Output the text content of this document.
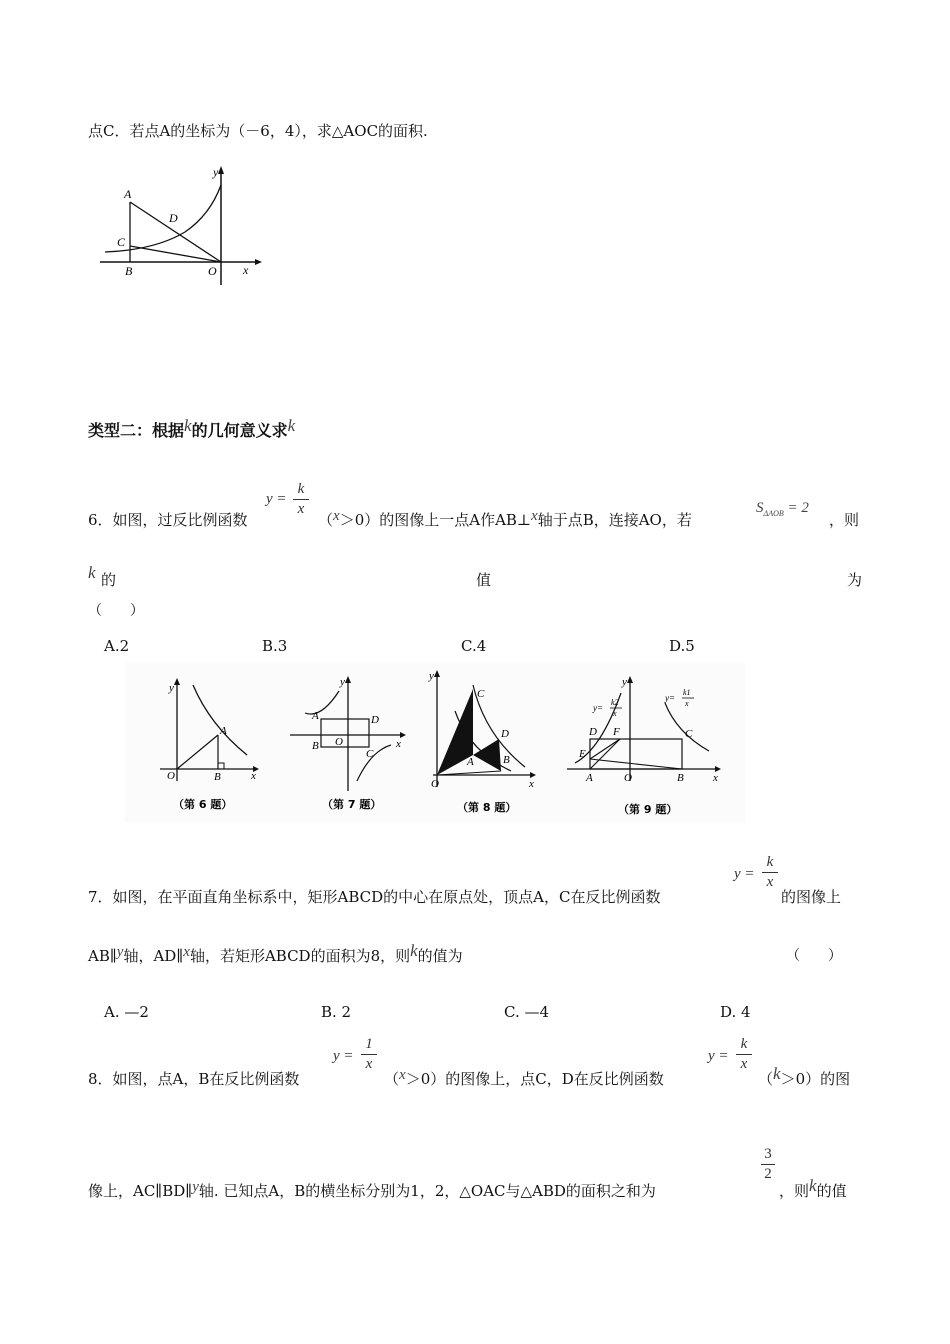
点C．若点A的坐标为（－6，4），求△AOC的面积.
y
A
D
C
B	O x
类型二：根据k的几何意义求k
6．如图，过反比例函数
y =
k
x
（x＞0）的图像上一点A作AB⊥x轴于点B，连接AO，若
$S_{\Delta AOB} = 2$
，则
k 的	值	为
（　　）
A.2	B.3	C.4	D.5
y
A
O	B	x
（第 6 题）
y
A	D
B O
C
x
（第 7 题）
y
C
D
A	B
O	x
（第 8 题）
y
D F	C
E
A	O	B	x
y=
k2
x
y=
k1
x
（第 9 题）
7．如图，在平面直角坐标系中，矩形ABCD的中心在原点处，顶点A，C在反比例函数
y =
k
x
的图像上
AB∥y轴，AD∥x轴，若矩形ABCD的面积为8，则k的值为	（　　）
A. —2	B. 2	C. —4	D. 4
8．如图，点A，B在反比例函数
y =
1
x
（x＞0）的图像上，点C，D在反比例函数
y =
k
x
（k＞0）的图
像上，AC∥BD∥y轴. 已知点A，B的横坐标分别为1，2，△OAC与△ABD的面积之和为
3
2
，则k的值
